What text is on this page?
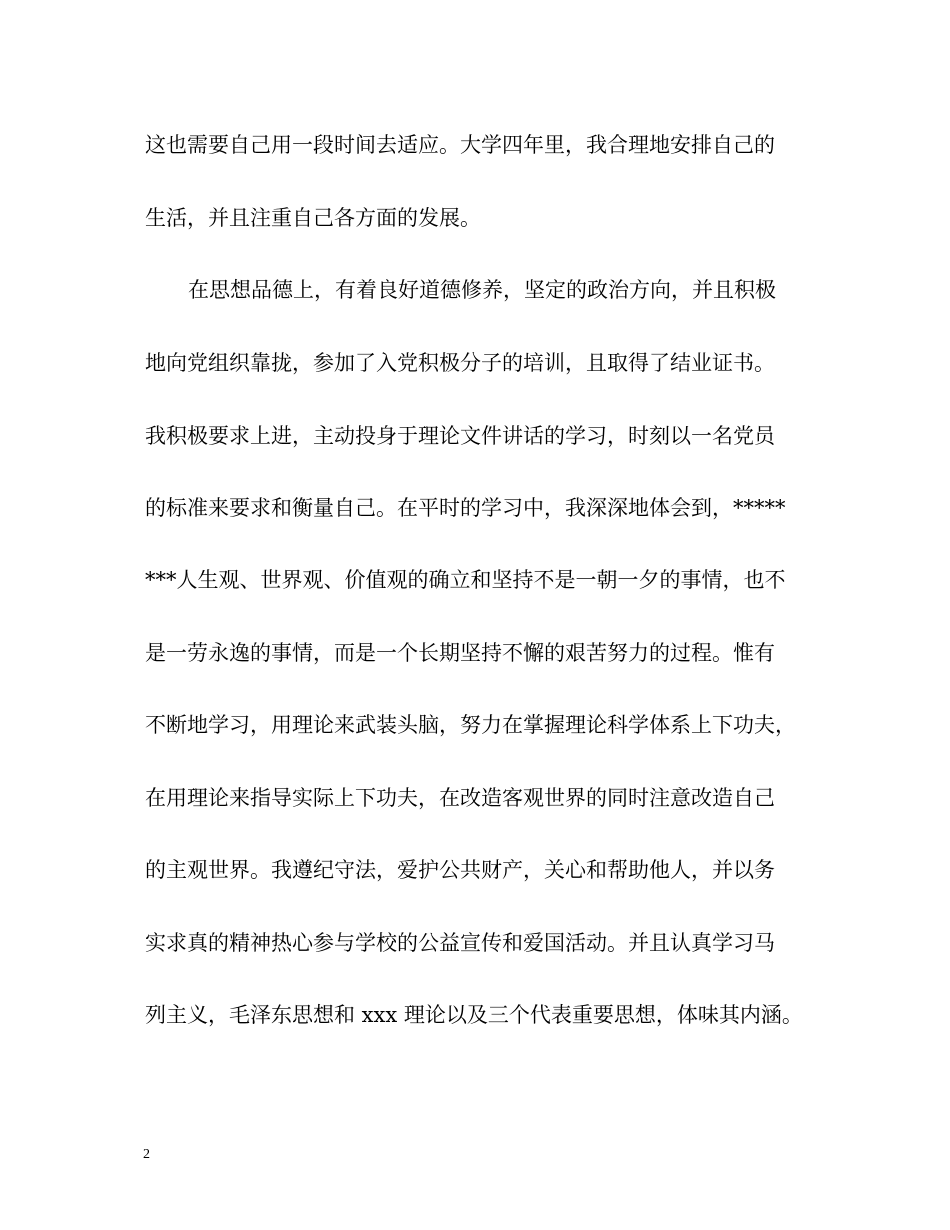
这也需要自己用一段时间去适应。大学四年里，我合理地安排自己的
生活，并且注重自己各方面的发展。
在思想品德上，有着良好道德修养，坚定的政治方向，并且积极
地向党组织靠拢，参加了入党积极分子的培训，且取得了结业证书。
我积极要求上进，主动投身于理论文件讲话的学习，时刻以一名党员
的标准来要求和衡量自己。在平时的学习中，我深深地体会到，*****
***人生观、世界观、价值观的确立和坚持不是一朝一夕的事情，也不
是一劳永逸的事情，而是一个长期坚持不懈的艰苦努力的过程。惟有
不断地学习，用理论来武装头脑，努力在掌握理论科学体系上下功夫，
在用理论来指导实际上下功夫，在改造客观世界的同时注意改造自己
的主观世界。我遵纪守法，爱护公共财产，关心和帮助他人，并以务
实求真的精神热心参与学校的公益宣传和爱国活动。并且认真学习马
列主义，毛泽东思想和 xxx 理论以及三个代表重要思想，体味其内涵。
2
